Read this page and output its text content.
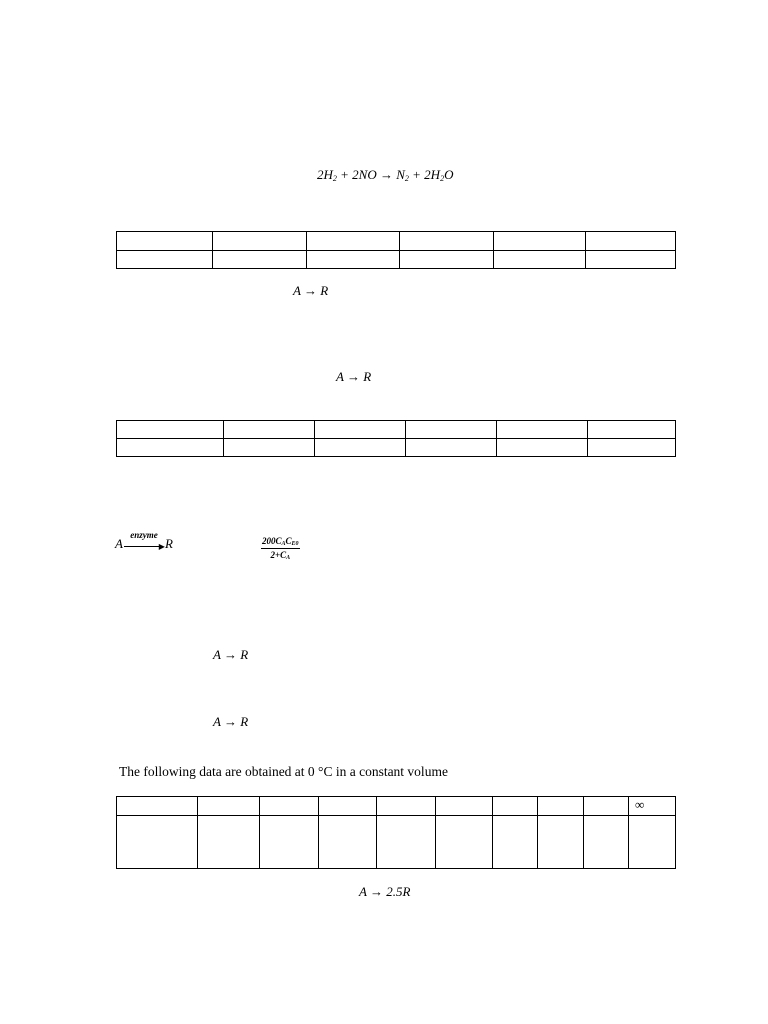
$2H_2 + 2NO \to N_2 + 2H_2O$

A → R
A → R

A
enzyme
▶ R	$200C_AC_{E0}$
$2+C_A$
A → R
A → R
The following data are obtained at 0 °C in a constant volume
									∞

A → 2.5R
